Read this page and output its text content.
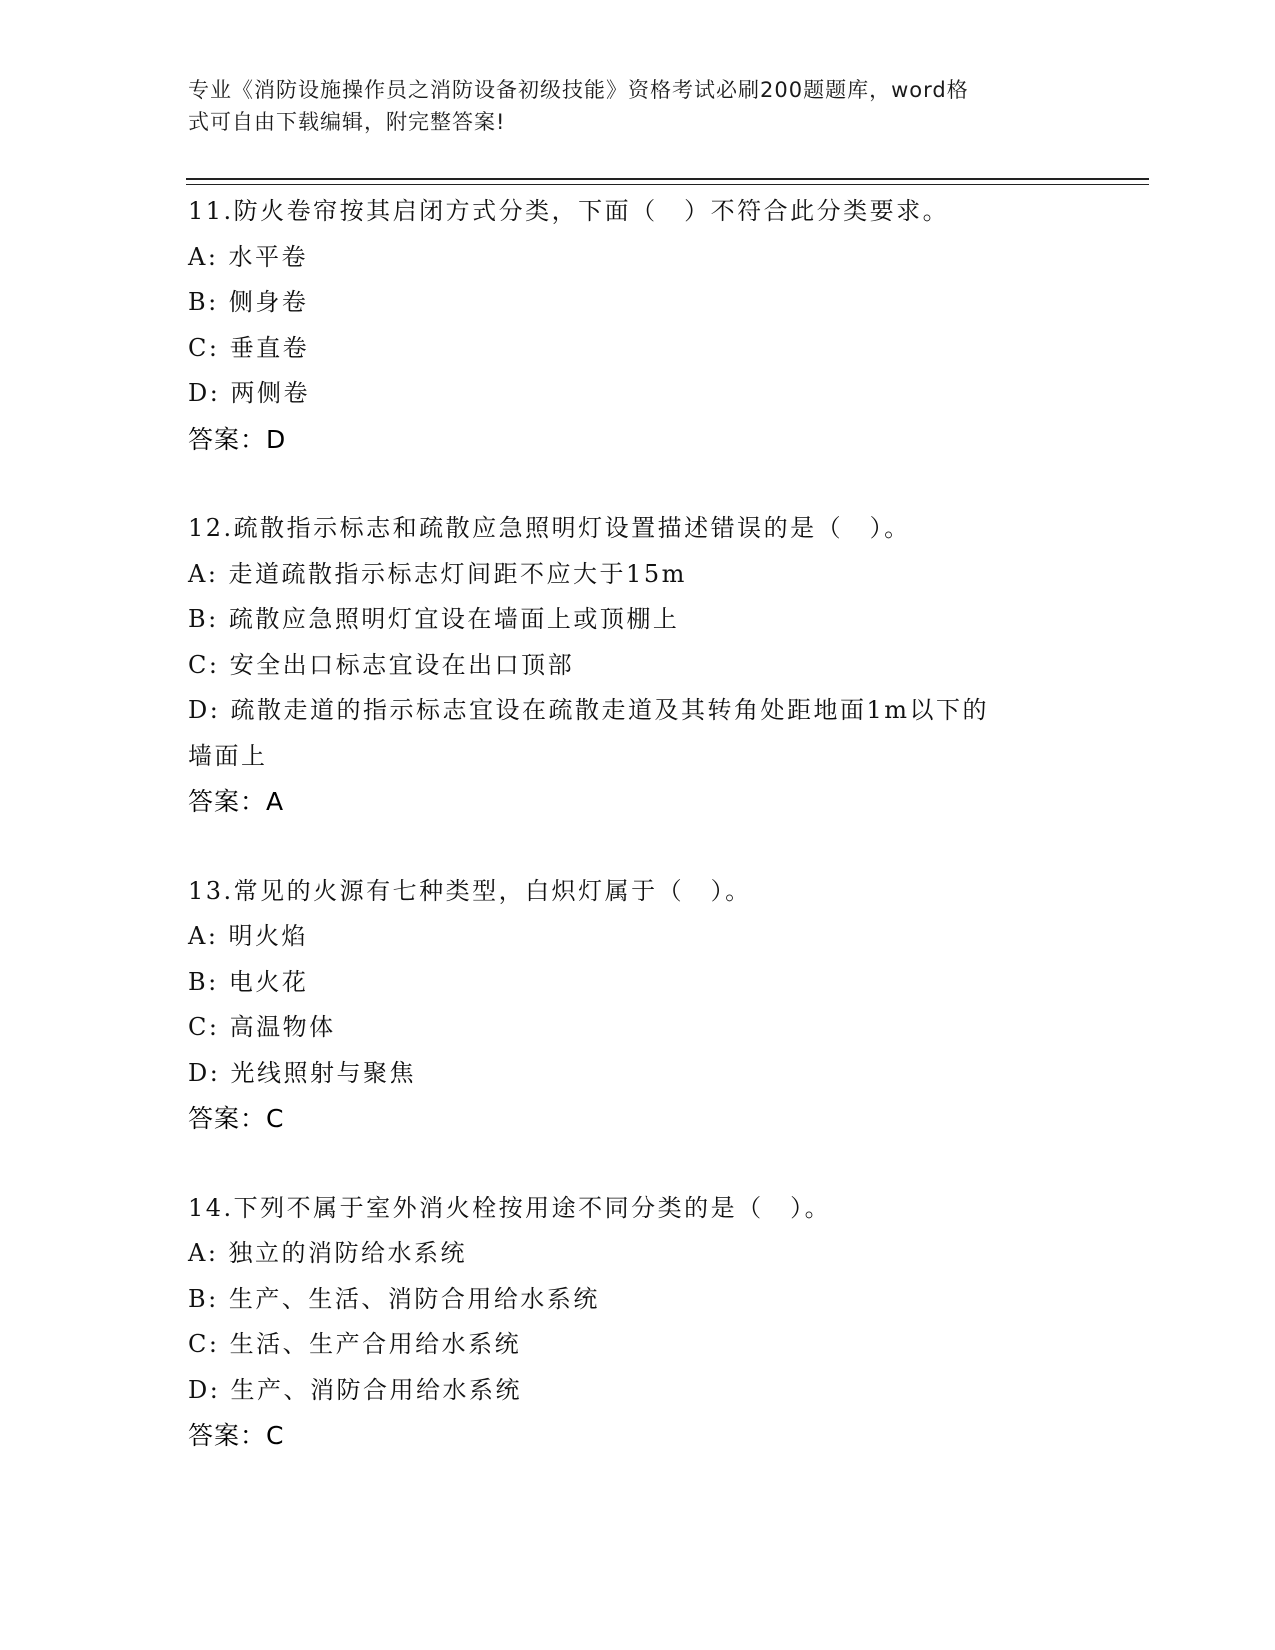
专业《消防设施操作员之消防设备初级技能》资格考试必刷200题题库，word格
式可自由下载编辑，附完整答案!

11.防火卷帘按其启闭方式分类，下面（　）不符合此分类要求。

A: 水平卷

B: 侧身卷

C: 垂直卷

D: 两侧卷

答案：D

12.疏散指示标志和疏散应急照明灯设置描述错误的是（　）。

A: 走道疏散指示标志灯间距不应大于15m

B: 疏散应急照明灯宜设在墙面上或顶棚上

C: 安全出口标志宜设在出口顶部

D: 疏散走道的指示标志宜设在疏散走道及其转角处距地面1m以下的

墙面上

答案：A

13.常见的火源有七种类型，白炽灯属于（　）。

A: 明火焰

B: 电火花

C: 高温物体

D: 光线照射与聚焦

答案：C

14.下列不属于室外消火栓按用途不同分类的是（　）。

A: 独立的消防给水系统

B: 生产、生活、消防合用给水系统

C: 生活、生产合用给水系统

D: 生产、消防合用给水系统

答案：C
